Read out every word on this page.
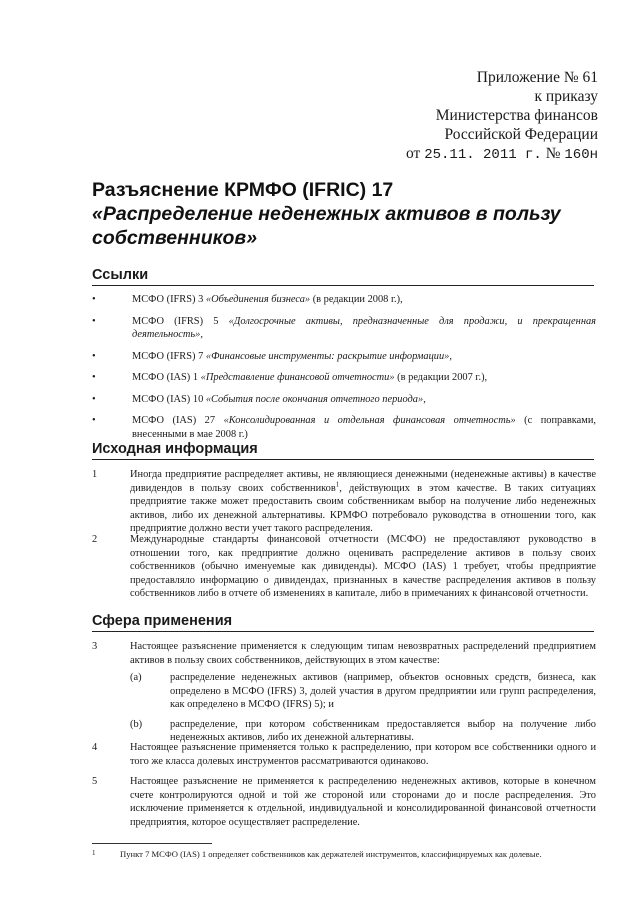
Приложение № 61
к приказу
Министерства финансов
Российской Федерации
от 25.11. 2011 г. № 160н
Разъяснение КРМФО (IFRIC) 17
«Распределение неденежных активов в пользу собственников»
Ссылки
•	МСФО (IFRS) 3 «Объединения бизнеса» (в редакции 2008 г.),
•	МСФО (IFRS) 5 «Долгосрочные активы, предназначенные для продажи, и прекращенная деятельность»,
•	МСФО (IFRS) 7 «Финансовые инструменты: раскрытие информации»,
•	МСФО (IAS) 1 «Представление финансовой отчетности» (в редакции 2007 г.),
•	МСФО (IAS) 10 «События после окончания отчетного периода»,
•	МСФО (IAS) 27 «Консолидированная и отдельная финансовая отчетность» (с поправками, внесенными в мае 2008 г.)
Исходная информация
1	Иногда предприятие распределяет активы, не являющиеся денежными (неденежные активы) в качестве дивидендов в пользу своих собственников$^1$, действующих в этом качестве. В таких ситуациях предприятие также может предоставить своим собственникам выбор на получение либо неденежных активов, либо их денежной альтернативы. КРМФО потребовало руководства в отношении того, как предприятие должно вести учет такого распределения.
2	Международные стандарты финансовой отчетности (МСФО) не предоставляют руководство в отношении того, как предприятие должно оценивать распределение активов в пользу своих собственников (обычно именуемые как дивиденды). МСФО (IAS) 1 требует, чтобы предприятие предоставляло информацию о дивидендах, признанных в качестве распределения активов в пользу собственников либо в отчете об изменениях в капитале, либо в примечаниях к финансовой отчетности.
Сфера применения
3	Настоящее разъяснение применяется к следующим типам невозвратных распределений предприятием активов в пользу своих собственников, действующих в этом качестве:
(a)	распределение неденежных активов (например, объектов основных средств, бизнеса, как определено в МСФО (IFRS) 3, долей участия в другом предприятии или групп распределения, как определено в МСФО (IFRS) 5); и
(b)	распределение, при котором собственникам предоставляется выбор на получение либо неденежных активов, либо их денежной альтернативы.
4	Настоящее разъяснение применяется только к распределению, при котором все собственники одного и того же класса долевых инструментов рассматриваются одинаково.
5	Настоящее разъяснение не применяется к распределению неденежных активов, которые в конечном счете контролируются одной и той же стороной или сторонами до и после распределения. Это исключение применяется к отдельной, индивидуальной и консолидированной финансовой отчетности предприятия, которое осуществляет распределение.
1	Пункт 7 МСФО (IAS) 1 определяет собственников как держателей инструментов, классифицируемых как долевые.
